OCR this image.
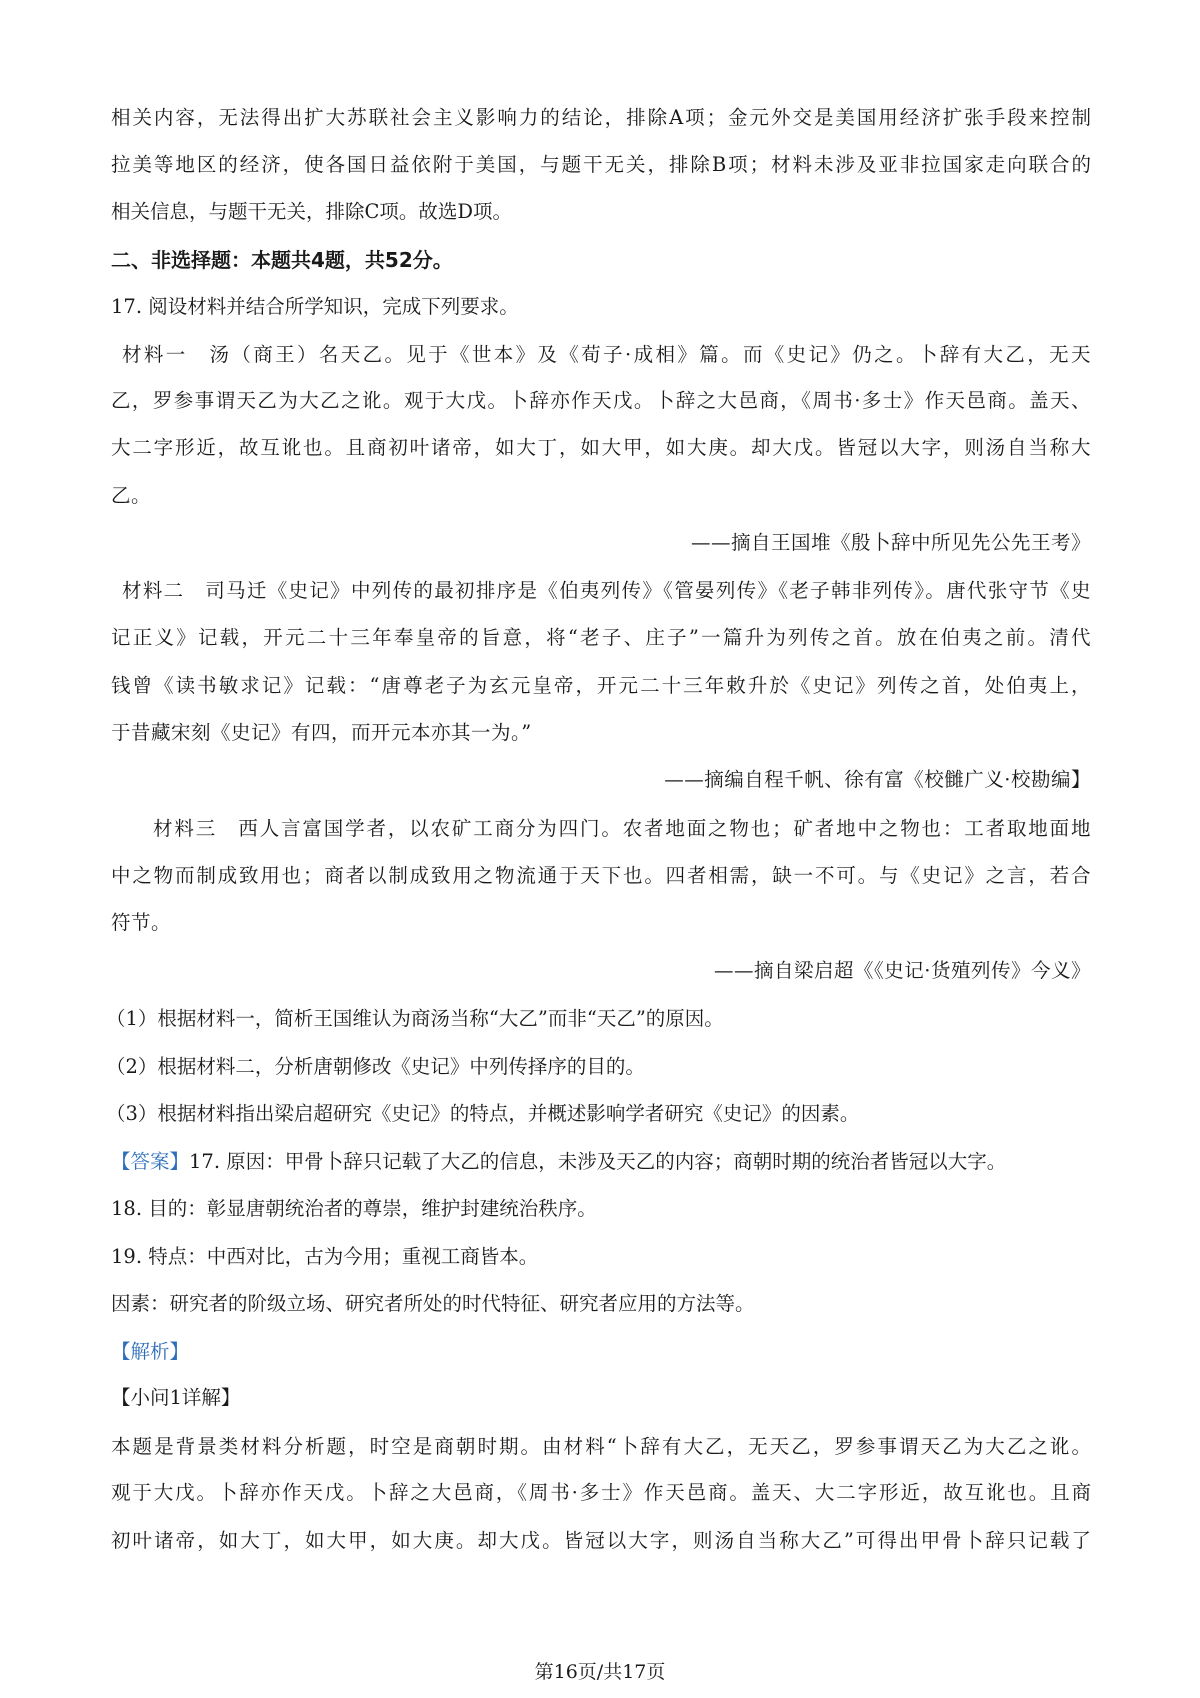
相关内容，无法得出扩大苏联社会主义影响力的结论，排除A项；金元外交是美国用经济扩张手段来控制
拉美等地区的经济，使各国日益依附于美国，与题干无关，排除B项；材料未涉及亚非拉国家走向联合的
相关信息，与题干无关，排除C项。故选D项。
二、非选择题：本题共4题，共52分。
17. 阅设材料并结合所学知识，完成下列要求。
材料一　汤（商王）名天乙。见于《世本》及《荀子·成相》篇。而《史记》仍之。卜辞有大乙，无天
乙，罗参事谓天乙为大乙之讹。观于大戊。卜辞亦作天戊。卜辞之大邑商，《周书·多士》作天邑商。盖天、
大二字形近，故互讹也。且商初叶诸帝，如大丁，如大甲，如大庚。却大戊。皆冠以大字，则汤自当称大
乙。
——摘自王国堆《殷卜辞中所见先公先王考》
材料二　司马迁《史记》中列传的最初排序是《伯夷列传》《管晏列传》《老子韩非列传》。唐代张守节《史
记正义》记载，开元二十三年奉皇帝的旨意，将“老子、庄子”一篇升为列传之首。放在伯夷之前。清代
钱曾《读书敏求记》记载：“唐尊老子为玄元皇帝，开元二十三年敕升於《史记》列传之首，处伯夷上，
于昔藏宋刻《史记》有四，而开元本亦其一为。”
——摘编自程千帆、徐有富《校雠广义·校勘编】
材料三　西人言富国学者，以农矿工商分为四门。农者地面之物也；矿者地中之物也：工者取地面地
中之物而制成致用也；商者以制成致用之物流通于天下也。四者相需，缺一不可。与《史记》之言，若合
符节。
——摘自梁启超《《史记·货殖列传》今义》
（1）根据材料一，简析王国维认为商汤当称“大乙”而非“天乙”的原因。
（2）根据材料二，分析唐朝修改《史记》中列传择序的目的。
（3）根据材料指出梁启超研究《史记》的特点，并概述影响学者研究《史记》的因素。
【答案】17. 原因：甲骨卜辞只记载了大乙的信息，未涉及天乙的内容；商朝时期的统治者皆冠以大字。
18. 目的：彰显唐朝统治者的尊崇，维护封建统治秩序。
19. 特点：中西对比，古为今用；重视工商皆本。
因素：研究者的阶级立场、研究者所处的时代特征、研究者应用的方法等。
【解析】
【小问1详解】
本题是背景类材料分析题，时空是商朝时期。由材料“卜辞有大乙，无天乙，罗参事谓天乙为大乙之讹。
观于大戊。卜辞亦作天戊。卜辞之大邑商，《周书·多士》作天邑商。盖天、大二字形近，故互讹也。且商
初叶诸帝，如大丁，如大甲，如大庚。却大戊。皆冠以大字，则汤自当称大乙”可得出甲骨卜辞只记载了
第16页/共17页
